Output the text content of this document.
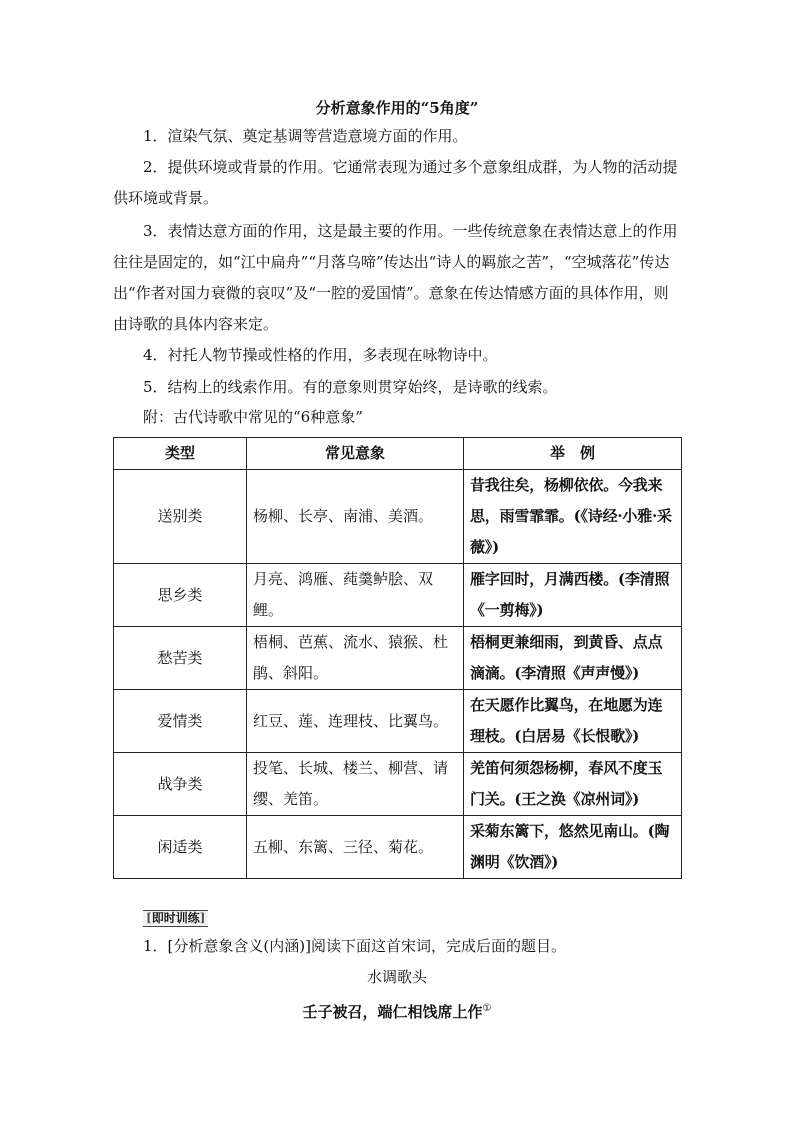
分析意象作用的“5角度”
1．渲染气氛、奠定基调等营造意境方面的作用。
2．提供环境或背景的作用。它通常表现为通过多个意象组成群，为人物的活动提供环境或背景。
3．表情达意方面的作用，这是最主要的作用。一些传统意象在表情达意上的作用往往是固定的，如“江中扁舟”“月落乌啼”传达出“诗人的羁旅之苦”，“空城落花”传达出“作者对国力衰微的哀叹”及“一腔的爱国情”。意象在传达情感方面的具体作用，则由诗歌的具体内容来定。
4．衬托人物节操或性格的作用，多表现在咏物诗中。
5．结构上的线索作用。有的意象则贯穿始终，是诗歌的线索。
附：古代诗歌中常见的“6种意象”
类型	常见意象	举　例
送别类	杨柳、长亭、南浦、美酒。	昔我往矣，杨柳依依。今我来思，雨雪霏霏。(《诗经·小雅·采薇》)
思乡类	月亮、鸿雁、莼羹鲈脍、双鲤。	雁字回时，月满西楼。(李清照《一剪梅》)
愁苦类	梧桐、芭蕉、流水、猿猴、杜鹃、斜阳。	梧桐更兼细雨，到黄昏、点点滴滴。(李清照《声声慢》)
爱情类	红豆、莲、连理枝、比翼鸟。	在天愿作比翼鸟，在地愿为连理枝。(白居易《长恨歌》)
战争类	投笔、长城、楼兰、柳营、请缨、羌笛。	羌笛何须怨杨柳，春风不度玉门关。(王之涣《凉州词》)
闲适类	五柳、东篱、三径、菊花。	采菊东篱下，悠然见南山。(陶渊明《饮酒》)
[即时训练]
1．[分析意象含义(内涵)]阅读下面这首宋词，完成后面的题目。
水调歌头
壬子被召，端仁相饯席上作①
